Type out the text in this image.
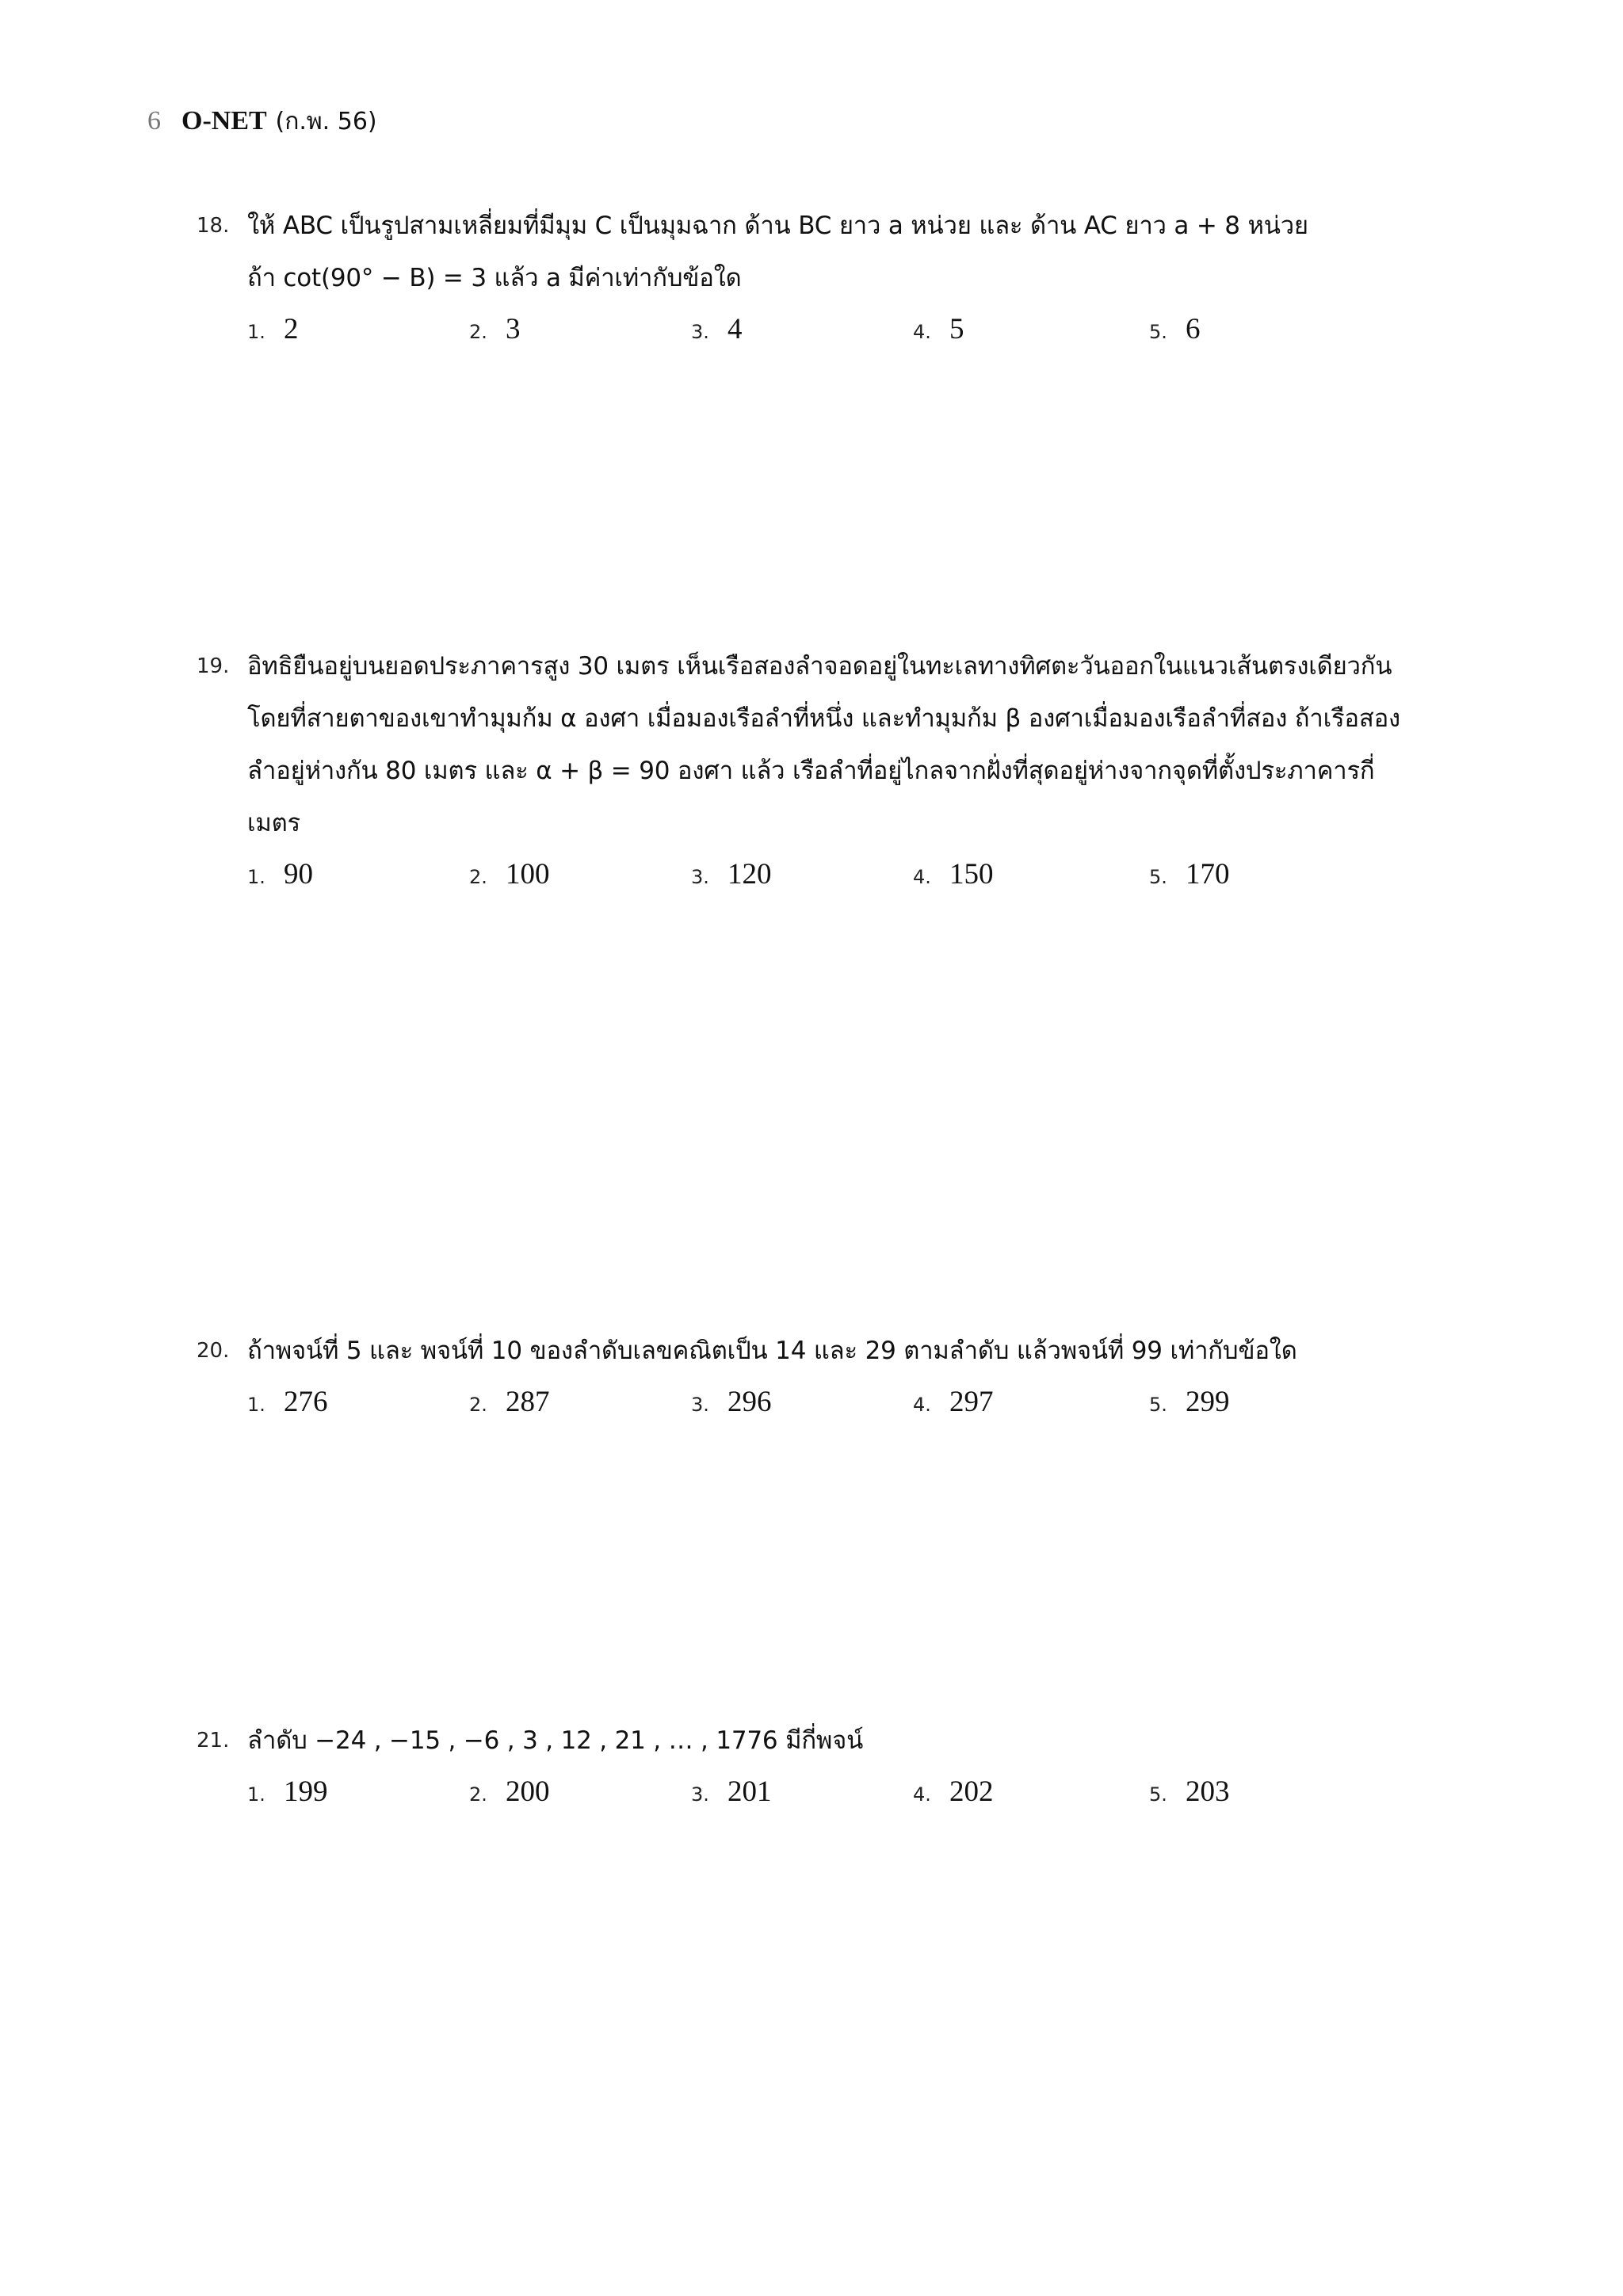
6 O-NET (ก.พ. 56)
18. ให้ ABC เป็นรูปสามเหลี่ยมที่มีมุม C เป็นมุมฉาก ด้าน BC ยาว a หน่วย และ ด้าน AC ยาว a + 8 หน่วย
ถ้า cot(90° − B) = 3 แล้ว a มีค่าเท่ากับข้อใด
1. 2	2. 3	3. 4	4. 5	5. 6
19. อิทธิยืนอยู่บนยอดประภาคารสูง 30 เมตร เห็นเรือสองลำจอดอยู่ในทะเลทางทิศตะวันออกในแนวเส้นตรงเดียวกัน
โดยที่สายตาของเขาทำมุมก้ม α องศา เมื่อมองเรือลำที่หนึ่ง และทำมุมก้ม β องศาเมื่อมองเรือลำที่สอง ถ้าเรือสอง
ลำอยู่ห่างกัน 80 เมตร และ α + β = 90 องศา แล้ว เรือลำที่อยู่ไกลจากฝั่งที่สุดอยู่ห่างจากจุดที่ตั้งประภาคารกี่
เมตร
1. 90	2. 100	3. 120	4. 150	5. 170
20. ถ้าพจน์ที่ 5 และ พจน์ที่ 10 ของลำดับเลขคณิตเป็น 14 และ 29 ตามลำดับ แล้วพจน์ที่ 99 เท่ากับข้อใด
1. 276	2. 287	3. 296	4. 297	5. 299
21. ลำดับ −24 , −15 , −6 , 3 , 12 , 21 , … , 1776 มีกี่พจน์
1. 199	2. 200	3. 201	4. 202	5. 203
